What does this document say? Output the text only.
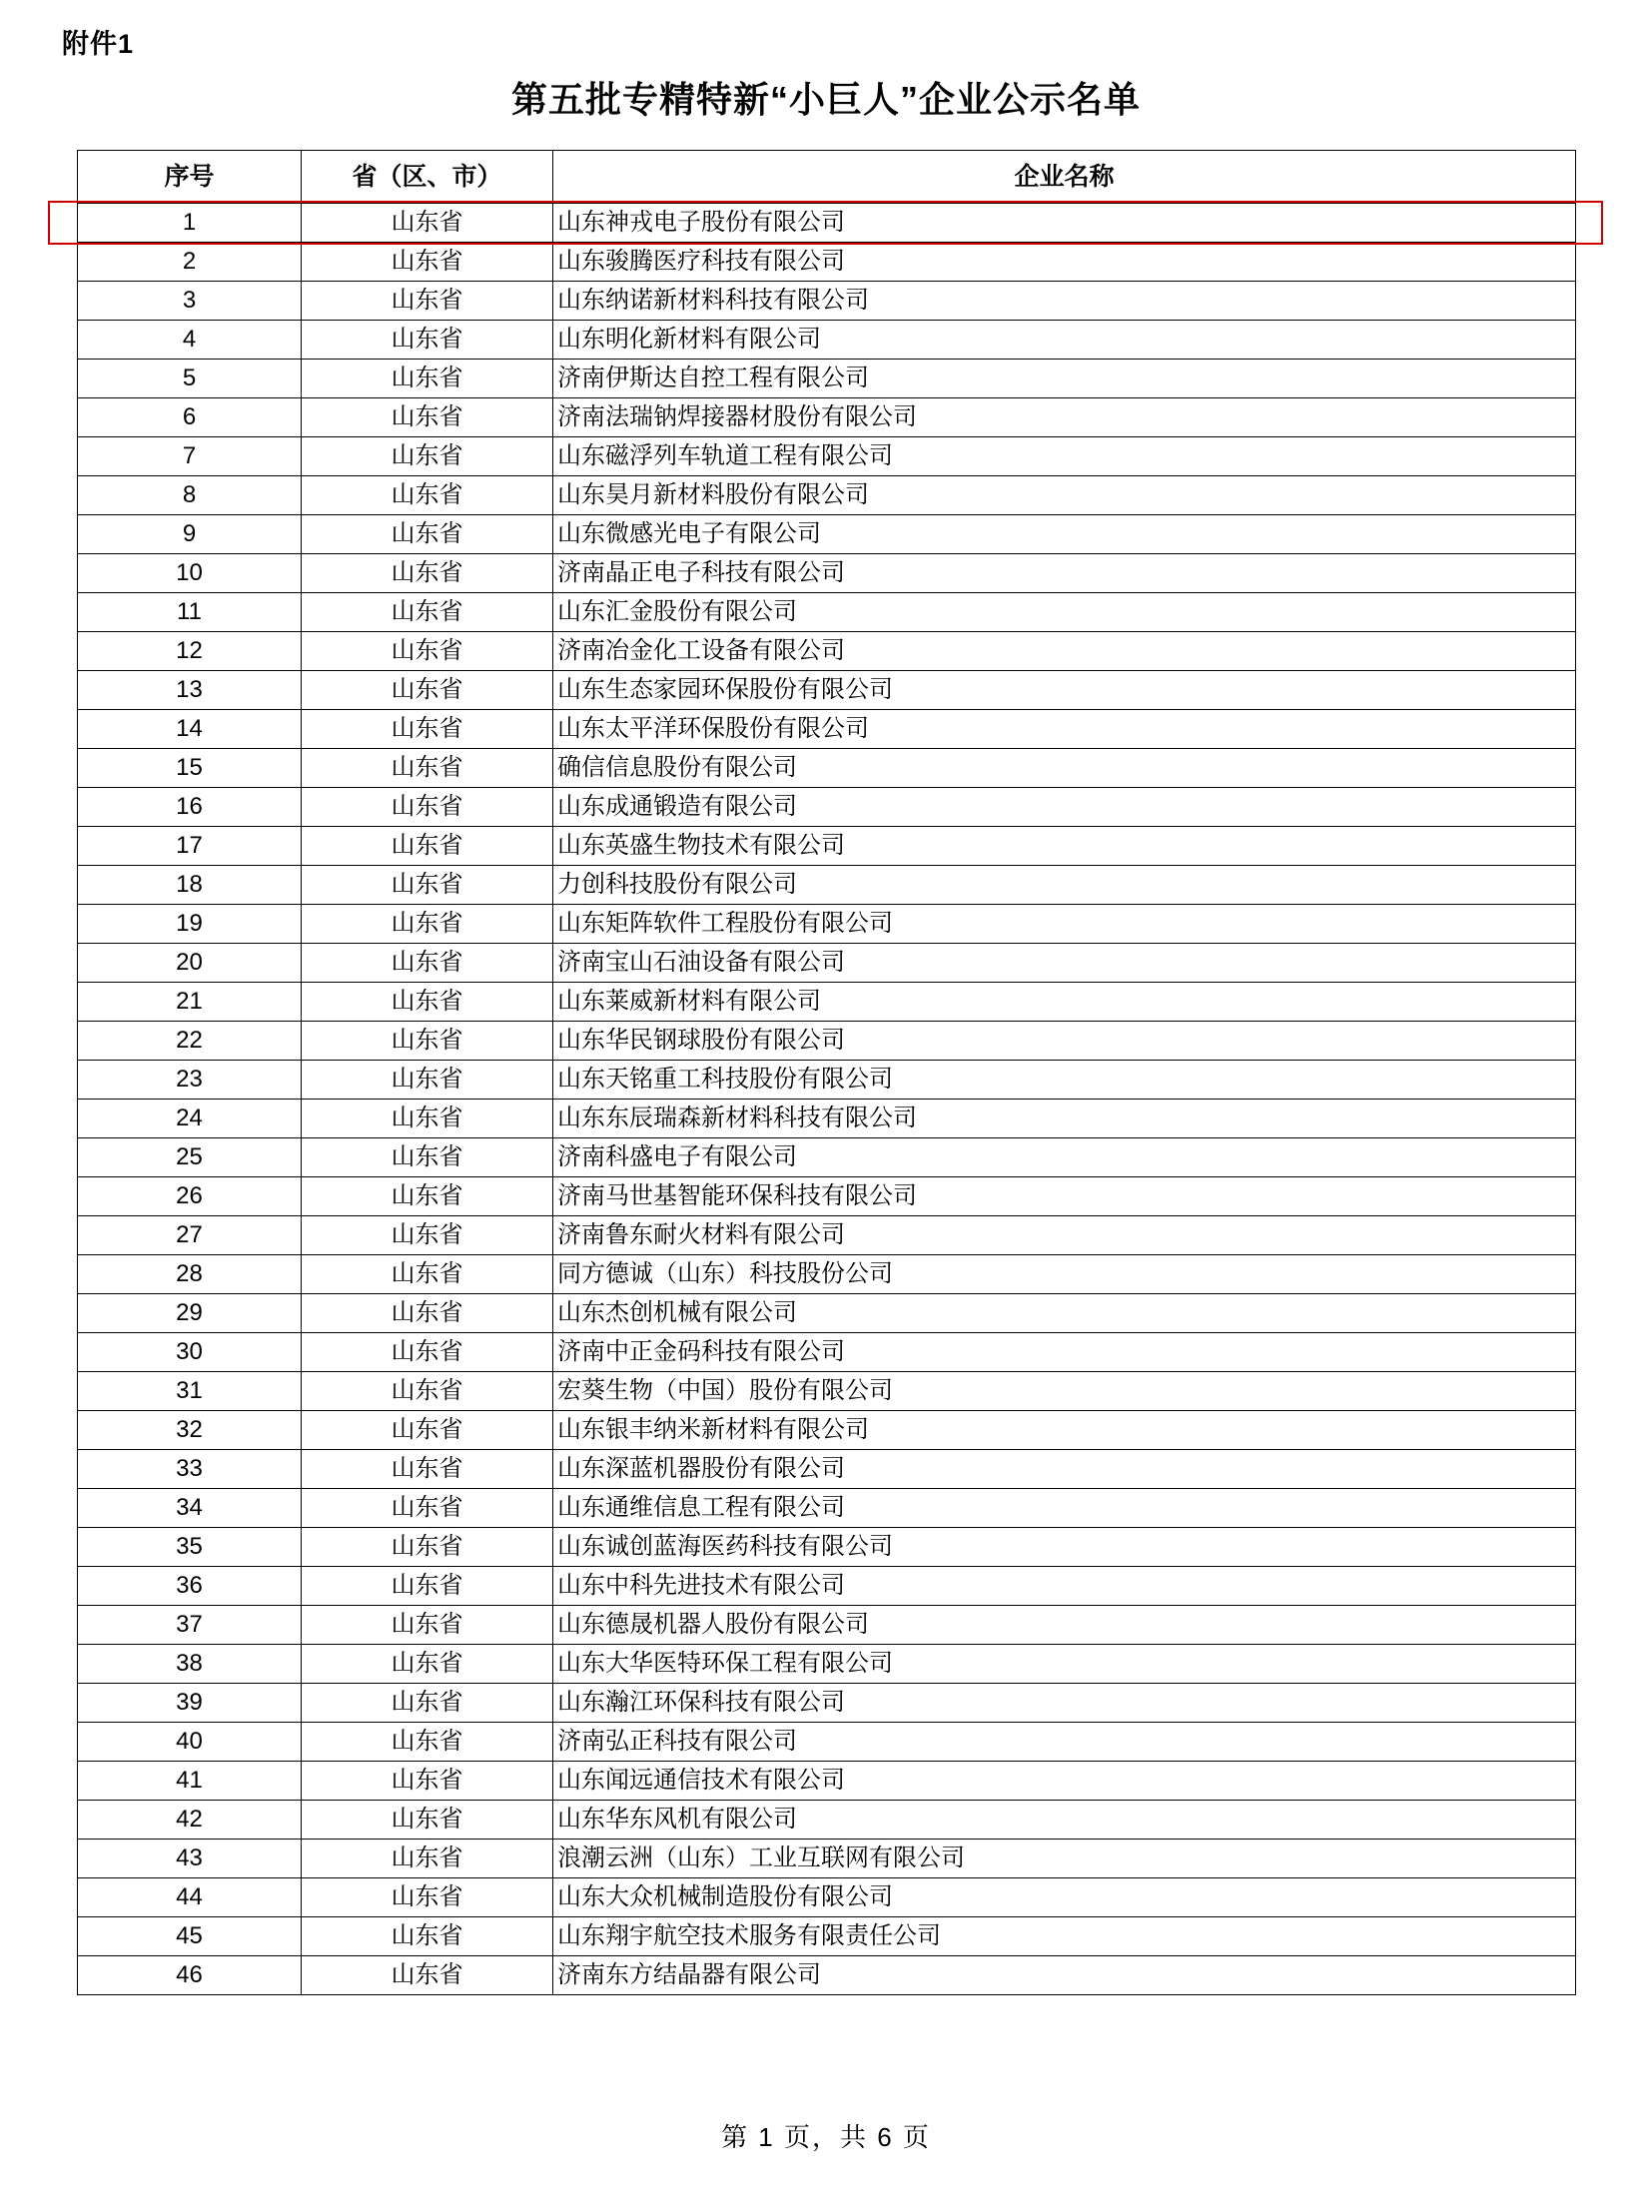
附件1
第五批专精特新“小巨人”企业公示名单
序号	省（区、市）	企业名称
1	山东省	山东神戎电子股份有限公司
2	山东省	山东骏腾医疗科技有限公司
3	山东省	山东纳诺新材料科技有限公司
4	山东省	山东明化新材料有限公司
5	山东省	济南伊斯达自控工程有限公司
6	山东省	济南法瑞钠焊接器材股份有限公司
7	山东省	山东磁浮列车轨道工程有限公司
8	山东省	山东昊月新材料股份有限公司
9	山东省	山东微感光电子有限公司
10	山东省	济南晶正电子科技有限公司
11	山东省	山东汇金股份有限公司
12	山东省	济南冶金化工设备有限公司
13	山东省	山东生态家园环保股份有限公司
14	山东省	山东太平洋环保股份有限公司
15	山东省	确信信息股份有限公司
16	山东省	山东成通锻造有限公司
17	山东省	山东英盛生物技术有限公司
18	山东省	力创科技股份有限公司
19	山东省	山东矩阵软件工程股份有限公司
20	山东省	济南宝山石油设备有限公司
21	山东省	山东莱威新材料有限公司
22	山东省	山东华民钢球股份有限公司
23	山东省	山东天铭重工科技股份有限公司
24	山东省	山东东辰瑞森新材料科技有限公司
25	山东省	济南科盛电子有限公司
26	山东省	济南马世基智能环保科技有限公司
27	山东省	济南鲁东耐火材料有限公司
28	山东省	同方德诚（山东）科技股份公司
29	山东省	山东杰创机械有限公司
30	山东省	济南中正金码科技有限公司
31	山东省	宏葵生物（中国）股份有限公司
32	山东省	山东银丰纳米新材料有限公司
33	山东省	山东深蓝机器股份有限公司
34	山东省	山东通维信息工程有限公司
35	山东省	山东诚创蓝海医药科技有限公司
36	山东省	山东中科先进技术有限公司
37	山东省	山东德晟机器人股份有限公司
38	山东省	山东大华医特环保工程有限公司
39	山东省	山东瀚江环保科技有限公司
40	山东省	济南弘正科技有限公司
41	山东省	山东闻远通信技术有限公司
42	山东省	山东华东风机有限公司
43	山东省	浪潮云洲（山东）工业互联网有限公司
44	山东省	山东大众机械制造股份有限公司
45	山东省	山东翔宇航空技术服务有限责任公司
46	山东省	济南东方结晶器有限公司
第 1 页，共 6 页
